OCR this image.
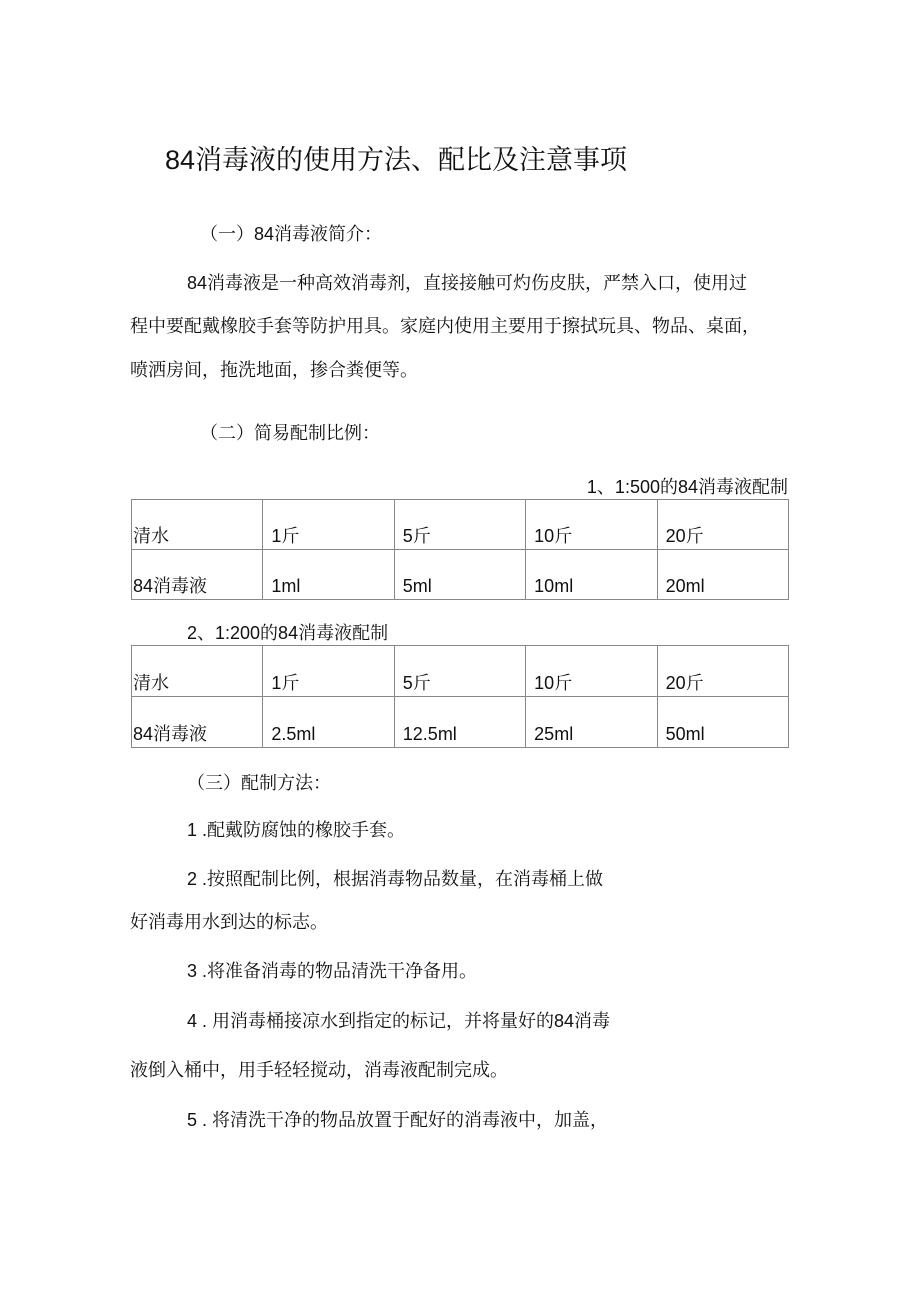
84消毒液的使用方法、配比及注意事项
（一）84消毒液简介：
84消毒液是一种高效消毒剂，直接接触可灼伤皮肤，严禁入口，使用过
程中要配戴橡胶手套等防护用具。家庭内使用主要用于擦拭玩具、物品、桌面，
喷洒房间，拖洗地面，掺合粪便等。
（二）简易配制比例：
1、1:500的84消毒液配制
清水	1斤	5斤	10斤	20斤
84消毒液	1ml	5ml	10ml	20ml
2、1:200的84消毒液配制
清水	1斤	5斤	10斤	20斤
84消毒液	2.5ml	12.5ml	25ml	50ml
（三）配制方法：
1 .配戴防腐蚀的橡胶手套。
2 .按照配制比例，根据消毒物品数量，在消毒桶上做
好消毒用水到达的标志。
3 .将准备消毒的物品清洗干净备用。
4 . 用消毒桶接凉水到指定的标记，并将量好的84消毒
液倒入桶中，用手轻轻搅动，消毒液配制完成。
5 . 将清洗干净的物品放置于配好的消毒液中，加盖，
